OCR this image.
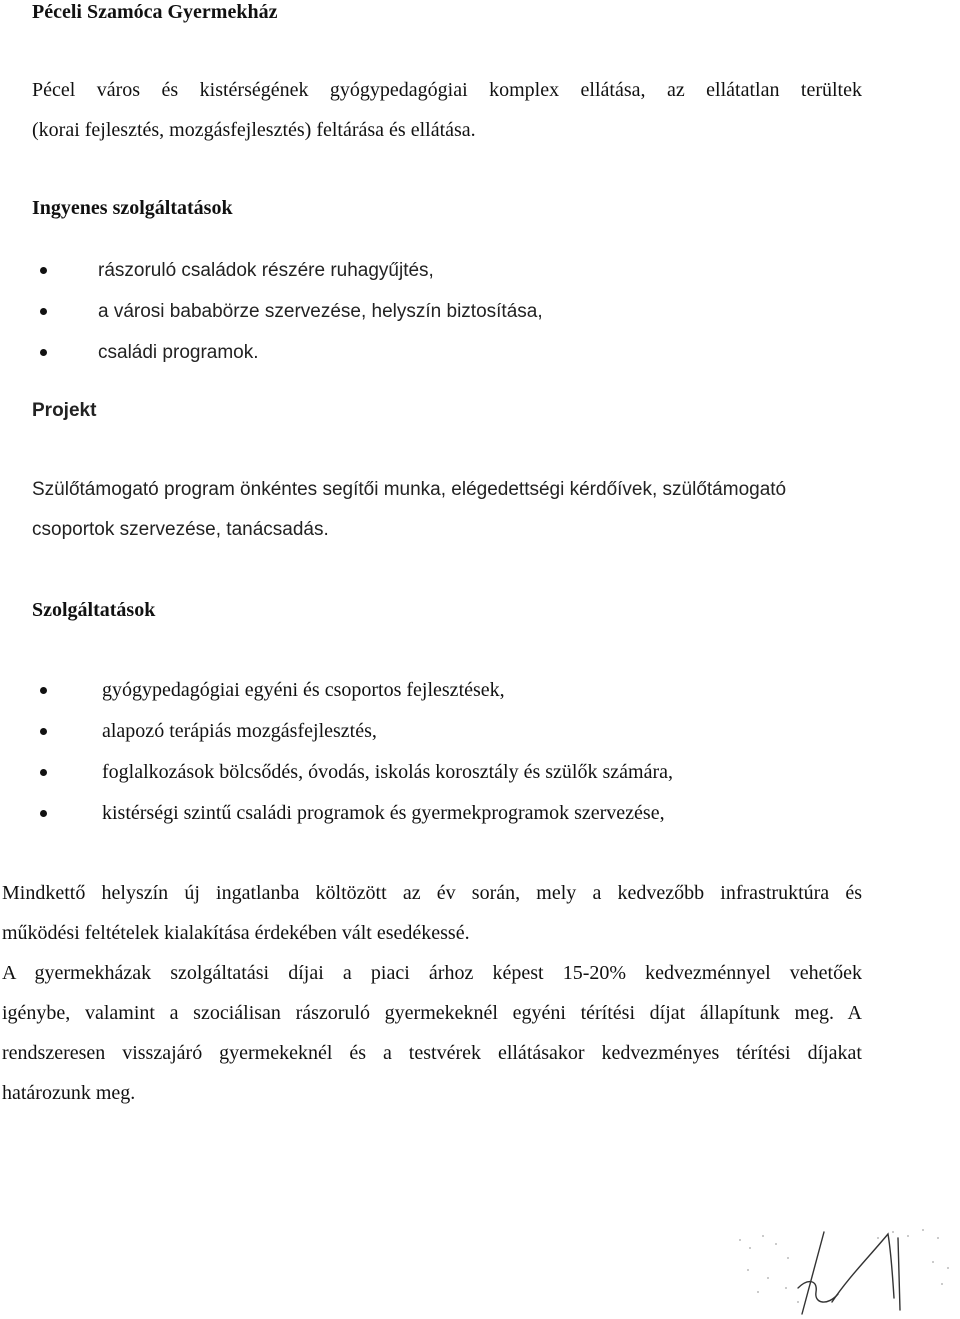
Péceli Szamóca Gyermekház
Pécel város és kistérségének gyógypedagógiai komplex ellátása, az ellátatlan terültek
(korai fejlesztés, mozgásfejlesztés) feltárása és ellátása.
Ingyenes szolgáltatások
rászoruló családok részére ruhagyűjtés,
a városi bababörze szervezése, helyszín biztosítása,
családi programok.
Projekt
Szülőtámogató program önkéntes segítői munka, elégedettségi kérdőívek, szülőtámogató
csoportok szervezése, tanácsadás.
Szolgáltatások
gyógypedagógiai egyéni és csoportos fejlesztések,
alapozó terápiás mozgásfejlesztés,
foglalkozások bölcsődés, óvodás, iskolás korosztály és szülők számára,
kistérségi szintű családi programok és gyermekprogramok szervezése,
Mindkettő helyszín új ingatlanba költözött az év során, mely a kedvezőbb infrastruktúra és
működési feltételek kialakítása érdekében vált esedékessé.
A gyermekházak szolgáltatási díjai a piaci árhoz képest 15-20% kedvezménnyel vehetőek
igénybe, valamint a szociálisan rászoruló gyermekeknél egyéni térítési díjat állapítunk meg. A
rendszeresen visszajáró gyermekeknél és a testvérek ellátásakor kedvezményes térítési díjakat
határozunk meg.
